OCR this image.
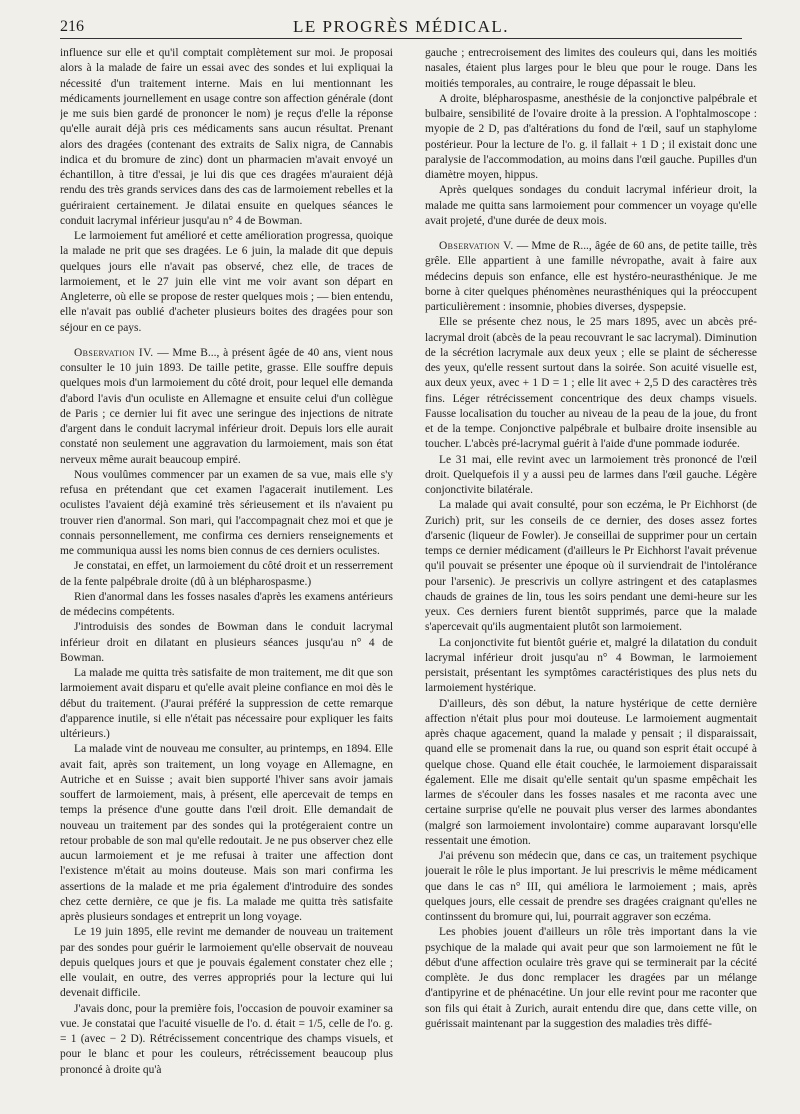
216	LE PROGRÈS MÉDICAL.

influence sur elle et qu'il comptait complètement sur moi. Je proposai alors à la malade de faire un essai avec des sondes et lui expliquai la nécessité d'un traitement interne. Mais en lui mentionnant les médicaments journellement en usage contre son affection générale (dont je me suis bien gardé de prononcer le nom) je reçus d'elle la réponse qu'elle aurait déjà pris ces médicaments sans aucun résultat. Prenant alors des dragées (contenant des extraits de Salix nigra, de Cannabis indica et du bromure de zinc) dont un pharmacien m'avait envoyé un échantillon, à titre d'essai, je lui dis que ces dragées m'auraient déjà rendu des très grands services dans des cas de larmoiement rebelles et la guériraient certainement. Je dilatai ensuite en quelques séances le conduit lacrymal inférieur jusqu'au n° 4 de Bowman.

Le larmoiement fut amélioré et cette amélioration progressa, quoique la malade ne prit que ses dragées. Le 6 juin, la malade dit que depuis quelques jours elle n'avait pas observé, chez elle, de traces de larmoiement, et le 27 juin elle vint me voir avant son départ en Angleterre, où elle se propose de rester quelques mois ; — bien entendu, elle n'avait pas oublié d'acheter plusieurs boites des dragées pour son séjour en ce pays.

Observation IV. — Mme B..., à présent âgée de 40 ans, vient nous consulter le 10 juin 1893. De taille petite, grasse. Elle souffre depuis quelques mois d'un larmoiement du côté droit, pour lequel elle demanda d'abord l'avis d'un oculiste en Allemagne et ensuite celui d'un collègue de Paris ; ce dernier lui fit avec une seringue des injections de nitrate d'argent dans le conduit lacrymal inférieur droit. Depuis lors elle aurait constaté non seulement une aggravation du larmoiement, mais son état nerveux même aurait beaucoup empiré.

Nous voulûmes commencer par un examen de sa vue, mais elle s'y refusa en prétendant que cet examen l'agacerait inutilement. Les oculistes l'avaient déjà examiné très sérieusement et ils n'avaient pu trouver rien d'anormal. Son mari, qui l'accompagnait chez moi et que je connais personnellement, me confirma ces derniers renseignements et me communiqua aussi les noms bien connus de ces derniers oculistes.

Je constatai, en effet, un larmoiement du côté droit et un resserrement de la fente palpébrale droite (dû à un blépharospasme.)

Rien d'anormal dans les fosses nasales d'après les examens antérieurs de médecins compétents.

J'introduisis des sondes de Bowman dans le conduit lacrymal inférieur droit en dilatant en plusieurs séances jusqu'au n° 4 de Bowman.

La malade me quitta très satisfaite de mon traitement, me dit que son larmoiement avait disparu et qu'elle avait pleine confiance en moi dès le début du traitement. (J'aurai préféré la suppression de cette remarque d'apparence inutile, si elle n'était pas nécessaire pour expliquer les faits ultérieurs.)

La malade vint de nouveau me consulter, au printemps, en 1894. Elle avait fait, après son traitement, un long voyage en Allemagne, en Autriche et en Suisse ; avait bien supporté l'hiver sans avoir jamais souffert de larmoiement, mais, à présent, elle apercevait de temps en temps la présence d'une goutte dans l'œil droit. Elle demandait de nouveau un traitement par des sondes qui la protégeraient contre un retour probable de son mal qu'elle redoutait. Je ne pus observer chez elle aucun larmoiement et je me refusai à traiter une affection dont l'existence m'était au moins douteuse. Mais son mari confirma les assertions de la malade et me pria également d'introduire des sondes chez cette dernière, ce que je fis. La malade me quitta très satisfaite après plusieurs sondages et entreprit un long voyage.

Le 19 juin 1895, elle revint me demander de nouveau un traitement par des sondes pour guérir le larmoiement qu'elle observait de nouveau depuis quelques jours et que je pouvais également constater chez elle ; elle voulait, en outre, des verres appropriés pour la lecture qui lui devenait difficile.

J'avais donc, pour la première fois, l'occasion de pouvoir examiner sa vue. Je constatai que l'acuité visuelle de l'o. d. était = 1/5, celle de l'o. g. = 1 (avec − 2 D). Rétrécissement concentrique des champs visuels, et pour le blanc et pour les couleurs, rétrécissement beaucoup plus prononcé à droite qu'à

gauche ; entrecroisement des limites des couleurs qui, dans les moitiés nasales, étaient plus larges pour le bleu que pour le rouge. Dans les moitiés temporales, au contraire, le rouge dépassait le bleu.

A droite, blépharospasme, anesthésie de la conjonctive palpébrale et bulbaire, sensibilité de l'ovaire droite à la pression. A l'ophtalmoscope : myopie de 2 D, pas d'altérations du fond de l'œil, sauf un staphylome postérieur. Pour la lecture de l'o. g. il fallait + 1 D ; il existait donc une paralysie de l'accommodation, au moins dans l'œil gauche. Pupilles d'un diamètre moyen, hippus.

Après quelques sondages du conduit lacrymal inférieur droit, la malade me quitta sans larmoiement pour commencer un voyage qu'elle avait projeté, d'une durée de deux mois.

Observation V. — Mme de R..., âgée de 60 ans, de petite taille, très grêle. Elle appartient à une famille névropathe, avait à faire aux médecins depuis son enfance, elle est hystéro-neurasthénique. Je me borne à citer quelques phénomènes neurasthéniques qui la préoccupent particulièrement : insomnie, phobies diverses, dyspepsie.

Elle se présente chez nous, le 25 mars 1895, avec un abcès pré-lacrymal droit (abcès de la peau recouvrant le sac lacrymal). Diminution de la sécrétion lacrymale aux deux yeux ; elle se plaint de sécheresse des yeux, qu'elle ressent surtout dans la soirée. Son acuité visuelle est, aux deux yeux, avec + 1 D = 1 ; elle lit avec + 2,5 D des caractères très fins. Léger rétrécissement concentrique des deux champs visuels. Fausse localisation du toucher au niveau de la peau de la joue, du front et de la tempe. Conjonctive palpébrale et bulbaire droite insensible au toucher. L'abcès pré-lacrymal guérit à l'aide d'une pommade iodurée.

Le 31 mai, elle revint avec un larmoiement très prononcé de l'œil droit. Quelquefois il y a aussi peu de larmes dans l'œil gauche. Légère conjonctivite bilatérale.

La malade qui avait consulté, pour son eczéma, le Pr Eichhorst (de Zurich) prit, sur les conseils de ce dernier, des doses assez fortes d'arsenic (liqueur de Fowler). Je conseillai de supprimer pour un certain temps ce dernier médicament (d'ailleurs le Pr Eichhorst l'avait prévenue qu'il pouvait se présenter une époque où il surviendrait de l'intolérance pour l'arsenic). Je prescrivis un collyre astringent et des cataplasmes chauds de graines de lin, tous les soirs pendant une demi-heure sur les yeux. Ces derniers furent bientôt supprimés, parce que la malade s'apercevait qu'ils augmentaient plutôt son larmoiement.

La conjonctivite fut bientôt guérie et, malgré la dilatation du conduit lacrymal inférieur droit jusqu'au n° 4 Bowman, le larmoiement persistait, présentant les symptômes caractéristiques des plus nets du larmoiement hystérique.

D'ailleurs, dès son début, la nature hystérique de cette dernière affection n'était plus pour moi douteuse. Le larmoiement augmentait après chaque agacement, quand la malade y pensait ; il disparaissait, quand elle se promenait dans la rue, ou quand son esprit était occupé à quelque chose. Quand elle était couchée, le larmoiement disparaissait également. Elle me disait qu'elle sentait qu'un spasme empêchait les larmes de s'écouler dans les fosses nasales et me raconta avec une certaine surprise qu'elle ne pouvait plus verser des larmes abondantes (malgré son larmoiement involontaire) comme auparavant lorsqu'elle ressentait une émotion.

J'ai prévenu son médecin que, dans ce cas, un traitement psychique jouerait le rôle le plus important. Je lui prescrivis le même médicament que dans le cas n° III, qui améliora le larmoiement ; mais, après quelques jours, elle cessait de prendre ses dragées craignant qu'elles ne continssent du bromure qui, lui, pourrait aggraver son eczéma.

Les phobies jouent d'ailleurs un rôle très important dans la vie psychique de la malade qui avait peur que son larmoiement ne fût le début d'une affection oculaire très grave qui se terminerait par la cécité complète. Je dus donc remplacer les dragées par un mélange d'antipyrine et de phénacétine. Un jour elle revint pour me raconter que son fils qui était à Zurich, aurait entendu dire que, dans cette ville, on guérissait maintenant par la suggestion des maladies très diffé-
